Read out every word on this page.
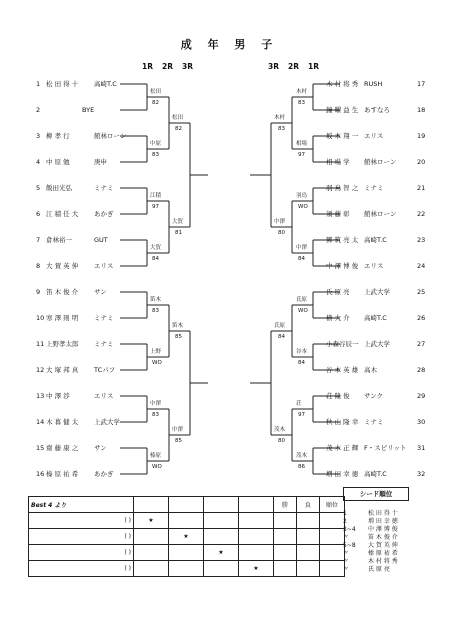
成 年 男 子
1R 2R 3R	3R 2R 1R
1 松 田 得 十 高崎T.C
2	BYE
3 柳 孝 行	館林ローン
4 中 原 勉	庚申
5 飯田光弘	ミナミ
6 江 積 任 大 あかぎ
7 倉林裕一	GUT
8 大 賀 英 伸 エリス
9 笛 木 俊 介 サン
10 寒 澤 則 明 ミナミ
11 上野孝太郎 ミナミ
12 大 塚 邦 真 TCパフ
13 中 澤 渉	エリス
14 木 暮 健 太 上武大学
15 齋 藤 康 之 サン
16 榛 原 祐 希 あかぎ
木 村 将 秀 RUSH	17
鐘 曜 益 生 あすなろ	18
坂 本 翔 一 エリス	19
相 場 学 館林ローン	20
羽 鳥 智 之 ミナミ	21
須 藤 彰 館林ローン	22
鄧 筑 亮 太 高崎T.C	23
中 澤 博 俊 エリス	24
氏 原 亮 上武大学	25
横 大 介 高崎T.C	26
小森谷辰一 上武大学	27
谷 本 英 雄 高木	28
荘 隆 俊 サンク	29
秋 山 隆 幸 ミナミ	30
茂 木 正 輝 F・スピリット 31
増 田 幸 徳 高崎T.C	32
松田
82
木村
83
中原
83
相場
97
江積
97
羽鳥
WO
大賀
84
中澤
84
笛木
83
氏原
WO
上野
WO
谷本
84
中澤
83
荘
97
榛原
WO
茂木
86
松田
82
木村
83
大賀
81
中澤
80
笛木
85
氏原
84
中澤
85
茂木
80
Best 4 より					勝	負	順位
( )	★						
( )		★					
( )			★				
( )				★			
シード順位
1	松 田 得 十
2	増 田 幸 徳
3~4 中 澤 博 俊
〃	笛 木 俊 介
5~8 大 賀 英 伸
〃	榛 原 祐 希
〃	木 村 将 秀
〃	氏 原 亮
